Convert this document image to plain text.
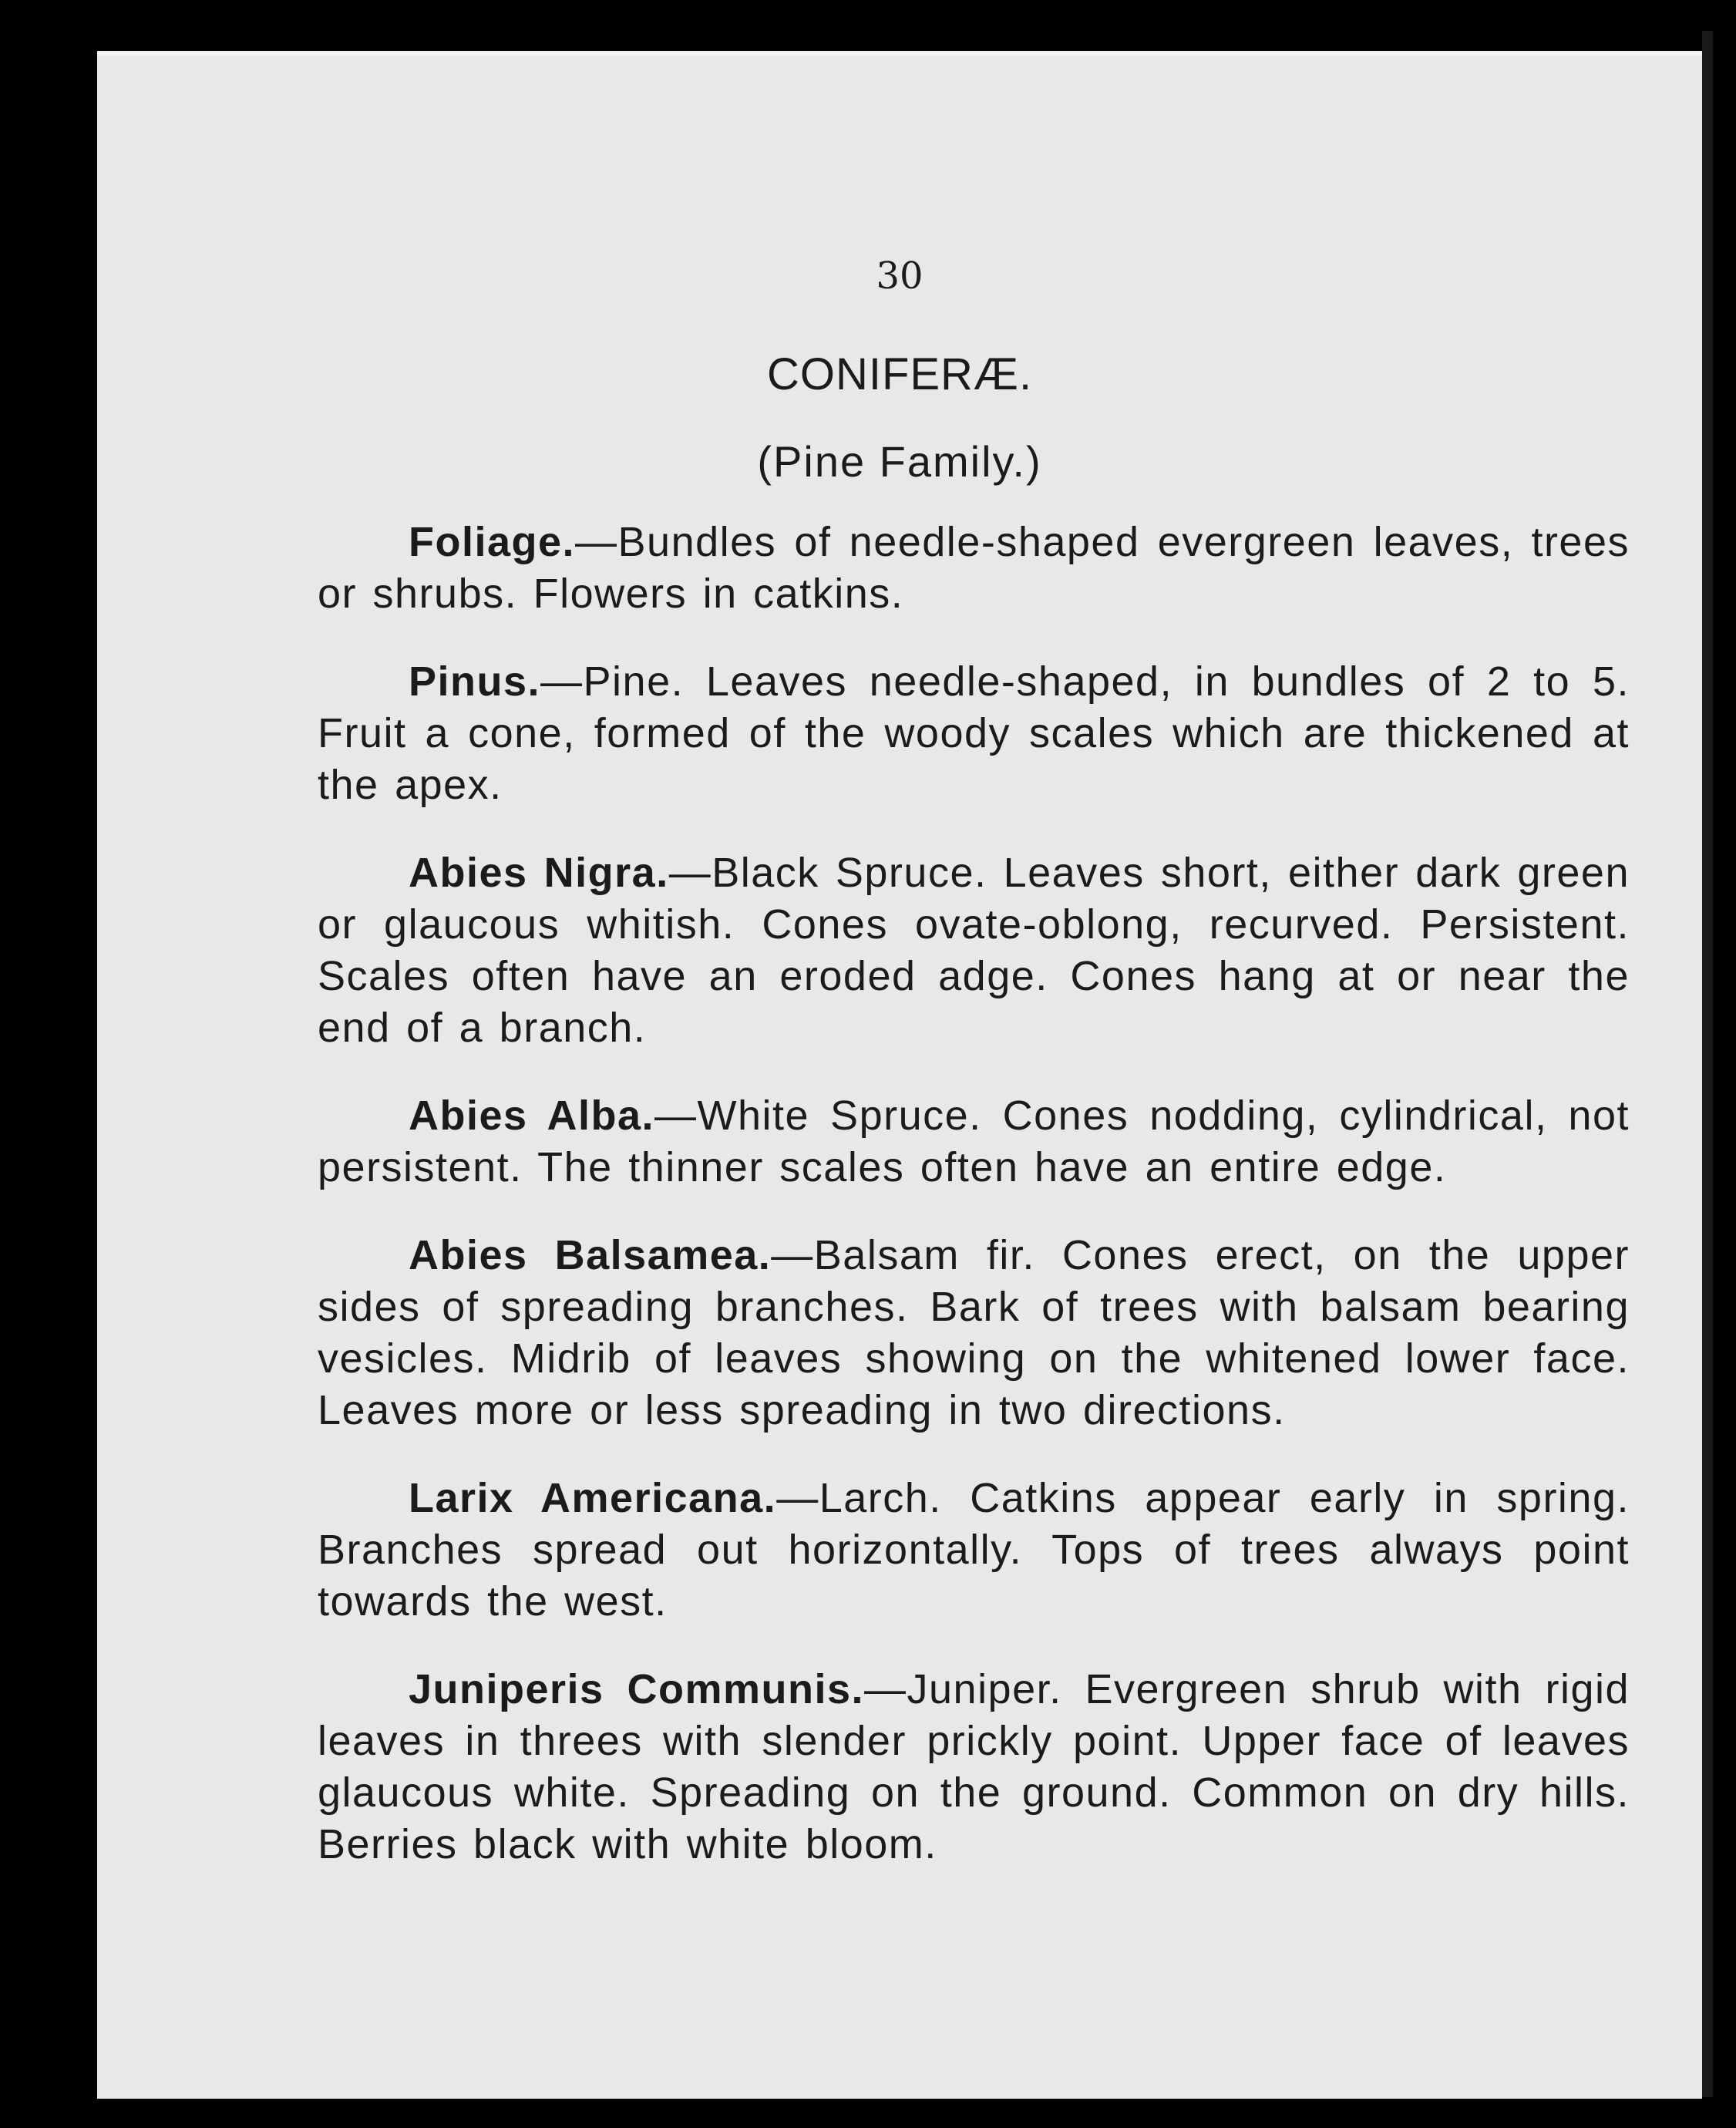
30
CONIFERÆ.
(Pine Family.)

Foliage.—Bundles of needle-shaped evergreen leaves, trees or shrubs. Flowers in catkins.

Pinus.—Pine. Leaves needle-shaped, in bundles of 2 to 5. Fruit a cone, formed of the woody scales which are thickened at the apex.

Abies Nigra.—Black Spruce. Leaves short, either dark green or glaucous whitish. Cones ovate-oblong, recurved. Persistent. Scales often have an eroded adge. Cones hang at or near the end of a branch.

Abies Alba.—White Spruce. Cones nodding, cylindrical, not persistent. The thinner scales often have an entire edge.

Abies Balsamea.—Balsam fir. Cones erect, on the upper sides of spreading branches. Bark of trees with balsam bearing vesicles. Midrib of leaves showing on the whitened lower face. Leaves more or less spreading in two directions.

Larix Americana.—Larch. Catkins appear early in spring. Branches spread out horizontally. Tops of trees always point towards the west.

Juniperis Communis.—Juniper. Evergreen shrub with rigid leaves in threes with slender prickly point. Upper face of leaves glaucous white. Spreading on the ground. Common on dry hills. Berries black with white bloom.
